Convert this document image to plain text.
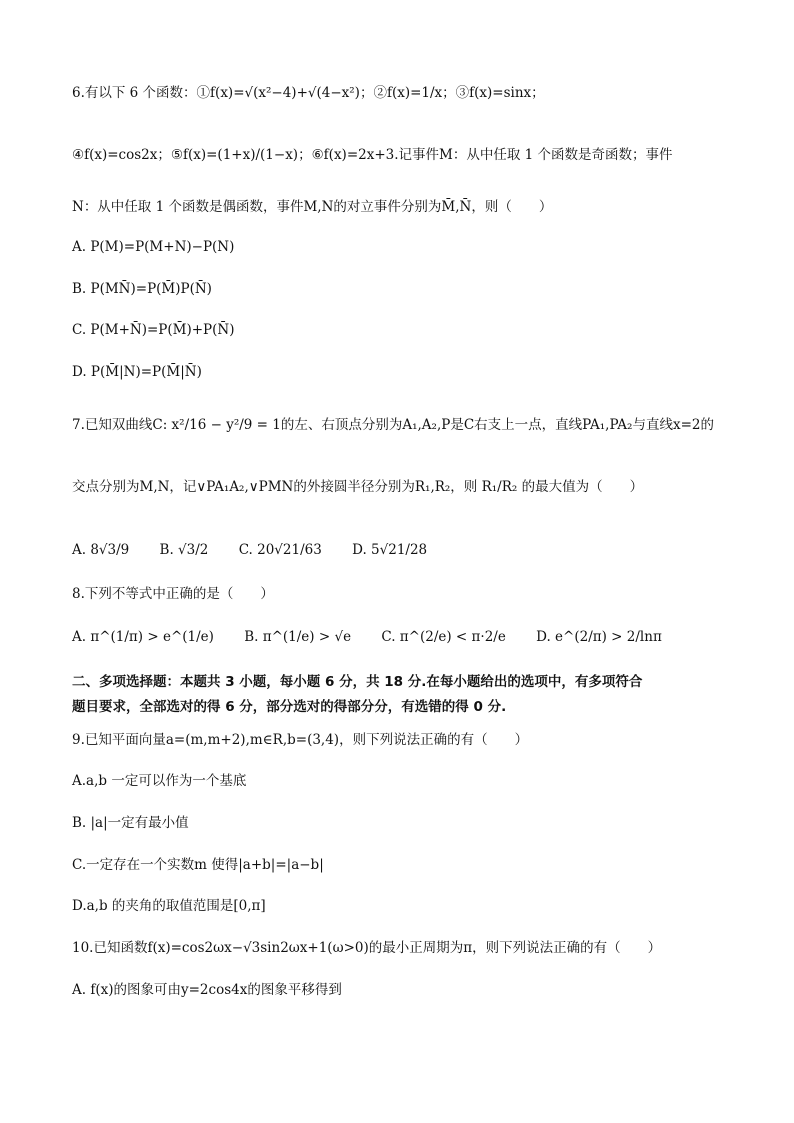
6.有以下 6 个函数：①f(x)=√(x²−4)+√(4−x²)；②f(x)=1/x；③f(x)=sinx；
④f(x)=cos2x；⑤f(x)=(1+x)/(1−x)；⑥f(x)=2x+3.记事件M：从中任取 1 个函数是奇函数；事件
N：从中任取 1 个函数是偶函数，事件M,N的对立事件分别为M̄,N̄，则（　　）
A. P(M)=P(M+N)−P(N)
B. P(MN̄)=P(M̄)P(N̄)
C. P(M+N̄)=P(M̄)+P(N̄)
D. P(M̄|N)=P(M̄|N̄)
7.已知双曲线C: x²/16 − y²/9 = 1的左、右顶点分别为A₁,A₂,P是C右支上一点，直线PA₁,PA₂与直线x=2的
交点分别为M,N，记∨PA₁A₂,∨PMN的外接圆半径分别为R₁,R₂，则 R₁/R₂ 的最大值为（　　）
A. 8√3/9 B. √3/2 C. 20√21/63 D. 5√21/28
8.下列不等式中正确的是（　　）
A. π^(1/π) > e^(1/e) B. π^(1/e) > √e C. π^(2/e) < π·2/e D. e^(2/π) > 2/lnπ
二、多项选择题：本题共 3 小题，每小题 6 分，共 18 分.在每小题给出的选项中，有多项符合
题目要求，全部选对的得 6 分，部分选对的得部分分，有选错的得 0 分.
9.已知平面向量a=(m,m+2),m∈R,b=(3,4)，则下列说法正确的有（　　）
A.a,b 一定可以作为一个基底
B. |a|一定有最小值
C.一定存在一个实数m 使得|a+b|=|a−b|
D.a,b 的夹角的取值范围是[0,π]
10.已知函数f(x)=cos2ωx−√3sin2ωx+1(ω>0)的最小正周期为π，则下列说法正确的有（　　）
A. f(x)的图象可由y=2cos4x的图象平移得到
